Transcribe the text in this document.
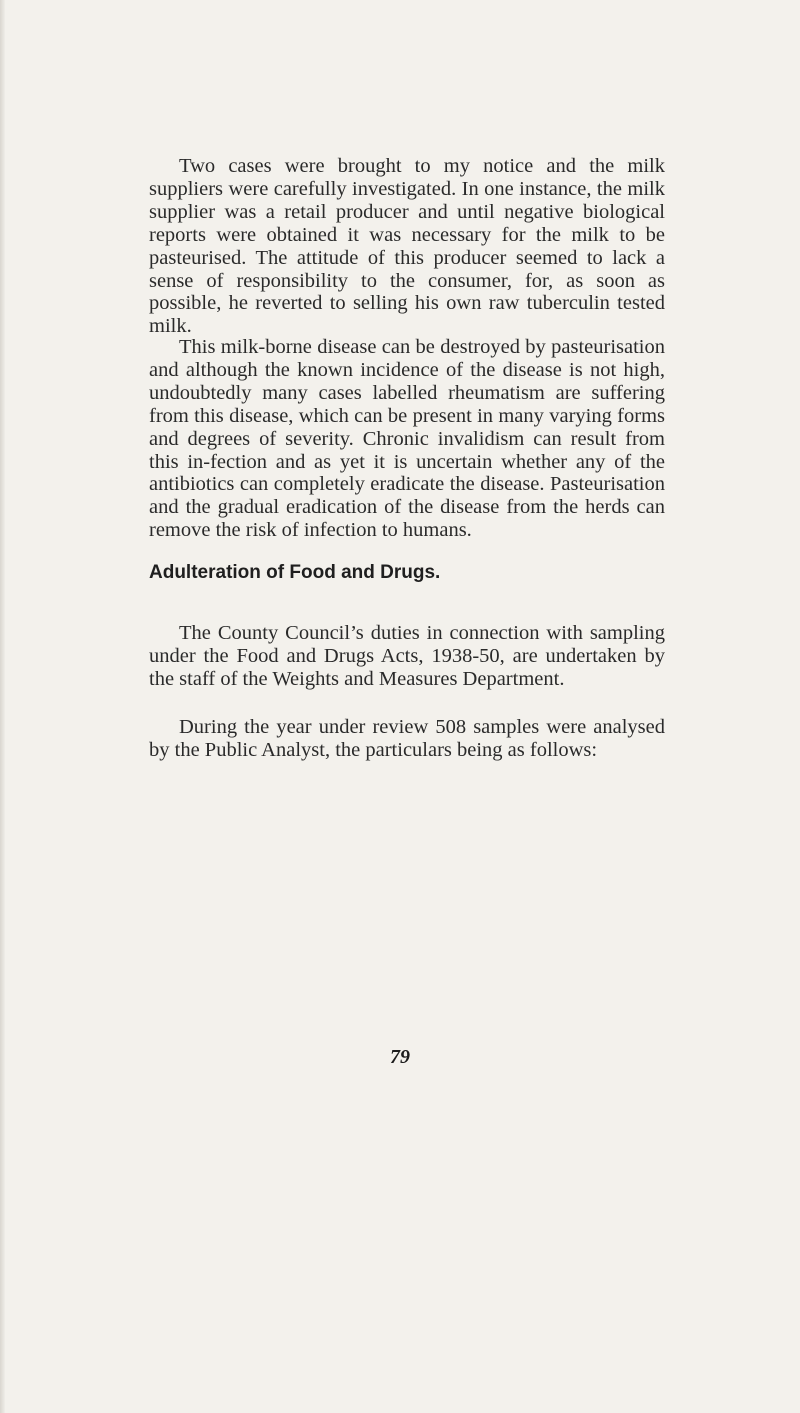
Two cases were brought to my notice and the milk suppliers were carefully investigated. In one instance, the milk supplier was a retail producer and until negative biological reports were obtained it was necessary for the milk to be pasteurised. The attitude of this producer seemed to lack a sense of responsibility to the consumer, for, as soon as possible, he reverted to selling his own raw tuberculin tested milk.

This milk-borne disease can be destroyed by pasteurisation and although the known incidence of the disease is not high, undoubtedly many cases labelled rheumatism are suffering from this disease, which can be present in many varying forms and degrees of severity. Chronic invalidism can result from this in-fection and as yet it is uncertain whether any of the antibiotics can completely eradicate the disease. Pasteurisation and the gradual eradication of the disease from the herds can remove the risk of infection to humans.

Adulteration of Food and Drugs.

The County Council’s duties in connection with sampling under the Food and Drugs Acts, 1938-50, are undertaken by the staff of the Weights and Measures Department.

During the year under review 508 samples were analysed by the Public Analyst, the particulars being as follows:

79
